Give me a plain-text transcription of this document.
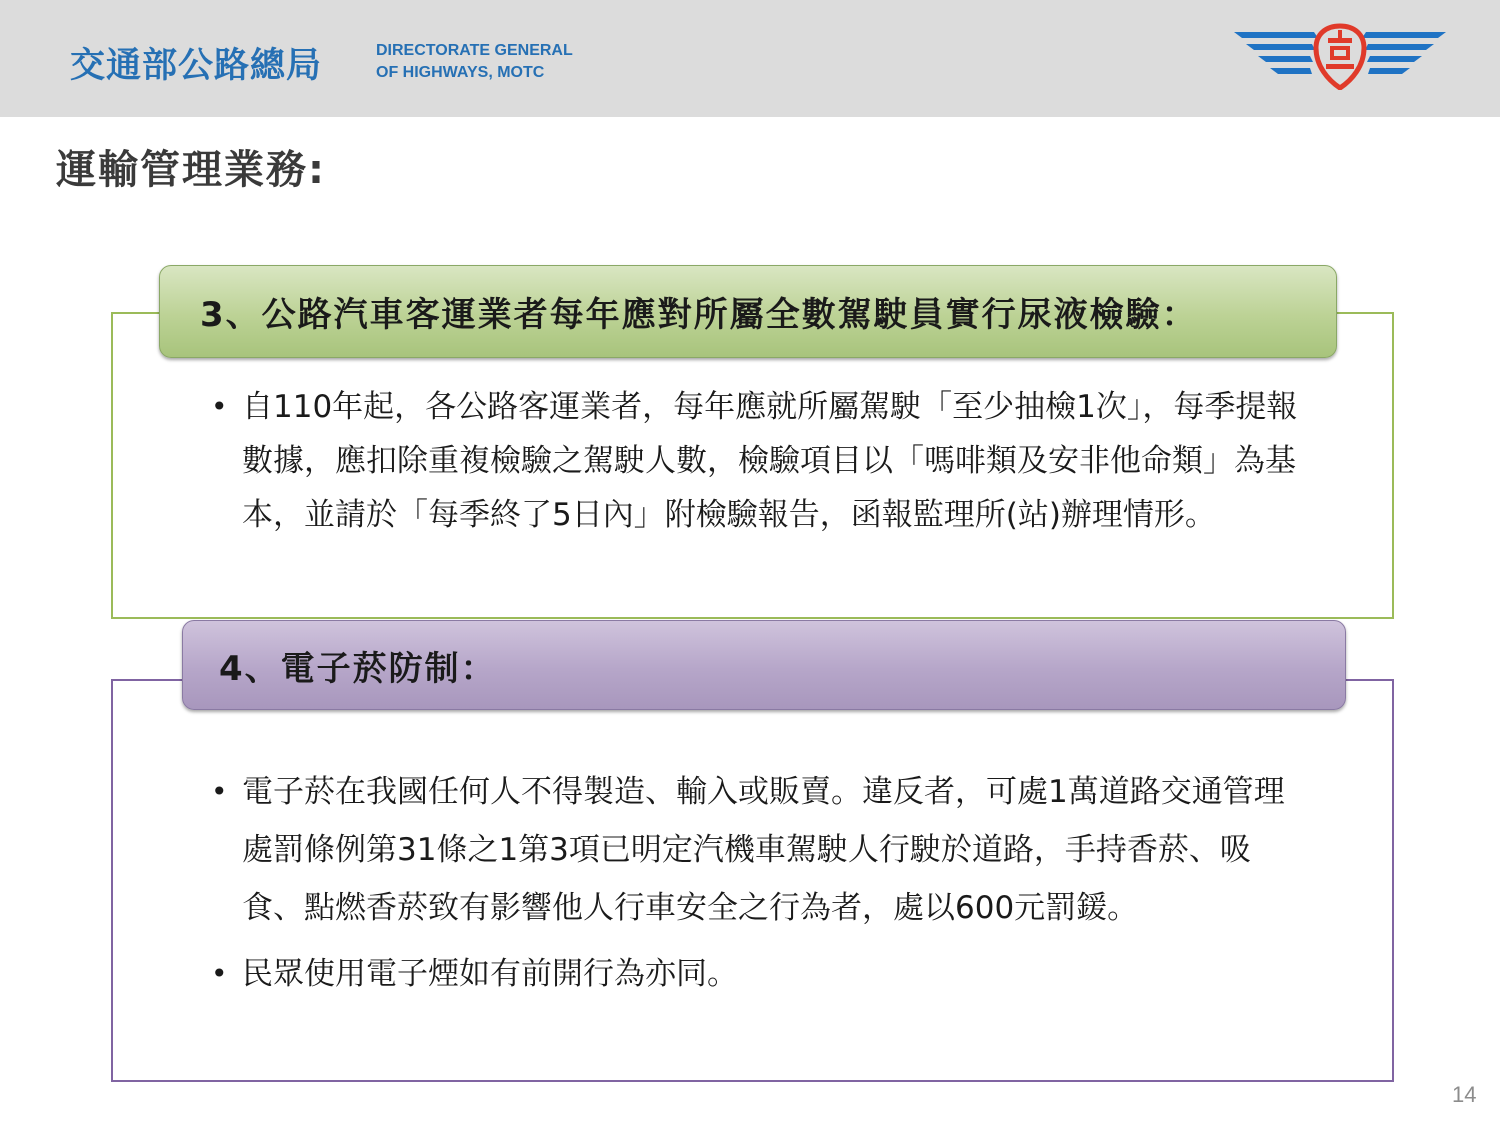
交通部公路總局	DIRECTORATE GENERAL
OF HIGHWAYS, MOTC
運輸管理業務:
3、公路汽車客運業者每年應對所屬全數駕駛員實行尿液檢驗：
• 自110年起，各公路客運業者，每年應就所屬駕駛「至少抽檢1次」，每季提報數據，應扣除重複檢驗之駕駛人數，檢驗項目以「嗎啡類及安非他命類」為基本，並請於「每季終了5日內」附檢驗報告，函報監理所(站)辦理情形。
4、電子菸防制：
• 電子菸在我國任何人不得製造、輸入或販賣。違反者，可處1萬道路交通管理處罰條例第31條之1第3項已明定汽機車駕駛人行駛於道路，手持香菸、吸食、點燃香菸致有影響他人行車安全之行為者，處以600元罰鍰。
• 民眾使用電子煙如有前開行為亦同。
14
